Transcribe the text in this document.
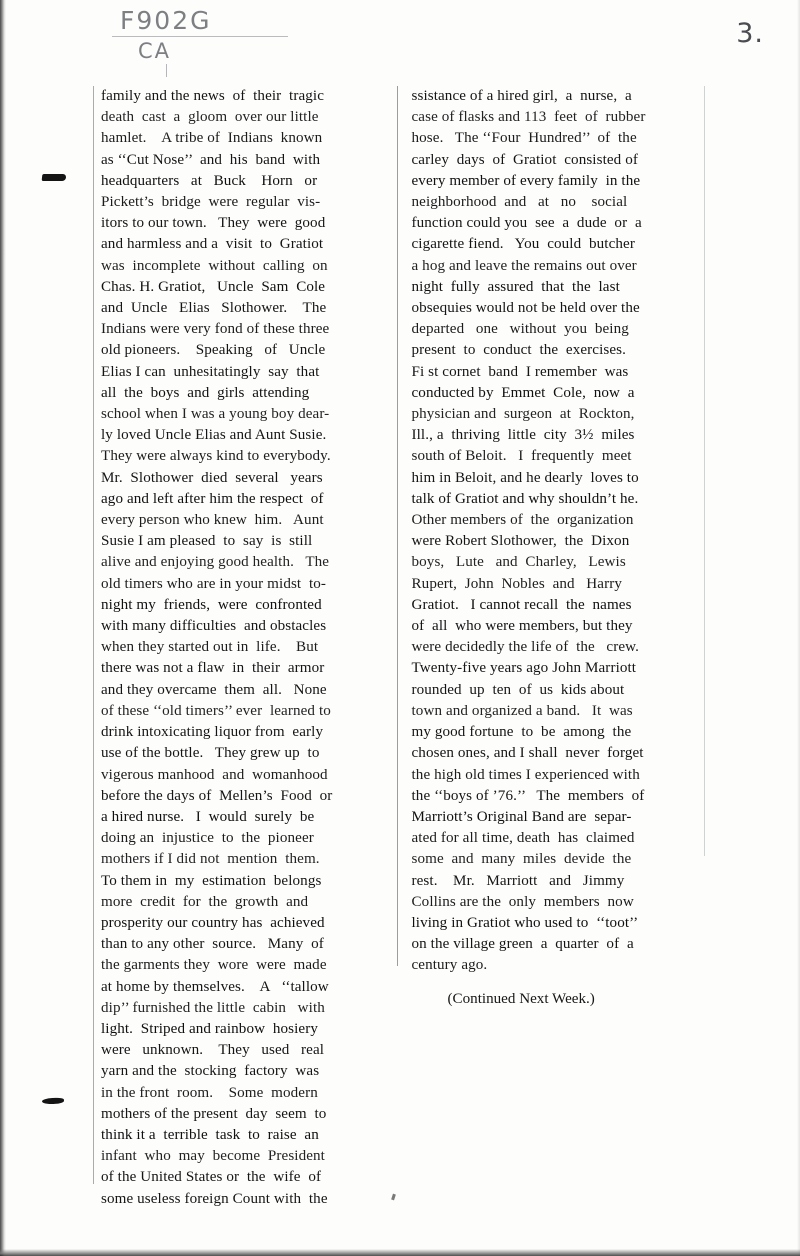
F902G
CA
3.
family and the news  of  their  tragic
death  cast  a  gloom  over our little
hamlet.    A tribe of  Indians  known
as ‘‘Cut Nose’’  and  his  band  with
headquarters   at   Buck    Horn   or
Pickett’s  bridge  were  regular  vis-
itors to our town.   They  were  good
and harmless and a  visit  to  Gratiot
was  incomplete  without  calling  on
Chas. H. Gratiot,   Uncle  Sam  Cole
and  Uncle   Elias   Slothower.    The
Indians were very fond of these three
old pioneers.    Speaking   of   Uncle
Elias I can  unhesitatingly  say  that
all  the  boys  and  girls  attending
school when I was a young boy dear-
ly loved Uncle Elias and Aunt Susie.
They were always kind to everybody.
Mr.  Slothower  died  several   years
ago and left after him the respect  of
every person who knew  him.   Aunt
Susie I am pleased  to  say  is  still
alive and enjoying good health.   The
old timers who are in your midst  to-
night my  friends,  were  confronted
with many difficulties  and obstacles
when they started out in  life.    But
there was not a flaw  in  their  armor
and they overcame  them  all.   None
of these ‘‘old timers’’ ever  learned to
drink intoxicating liquor from  early
use of the bottle.   They grew up  to
vigerous manhood  and  womanhood
before the days of  Mellen’s  Food  or
a hired nurse.   I  would  surely  be
doing an  injustice  to  the  pioneer
mothers if I did not  mention  them.
To them in  my  estimation  belongs
more  credit  for  the  growth  and
prosperity our country has  achieved
than to any other  source.   Many  of
the garments they  wore  were  made
at home by themselves.    A   ‘‘tallow
dip’’ furnished the little  cabin   with
light.  Striped and rainbow  hosiery
were   unknown.    They   used   real
yarn and the  stocking  factory  was
in the front  room.    Some  modern
mothers of the present  day  seem  to
think it a  terrible  task  to  raise  an
infant  who  may  become  President
of the United States or  the  wife  of
some useless foreign Count with  the
ssistance of a hired girl,  a  nurse,  a
case of flasks and 113  feet  of  rubber
hose.   The ‘‘Four  Hundred’’  of  the
carley  days  of  Gratiot  consisted of
every member of every family  in the
neighborhood  and   at   no    social
function could you  see  a  dude  or  a
cigarette fiend.   You  could  butcher
a hog and leave the remains out over
night  fully  assured  that  the  last
obsequies would not be held over the
departed   one   without  you  being
present  to  conduct  the  exercises.
Fi st cornet  band  I remember  was
conducted by  Emmet  Cole,  now  a
physician and  surgeon  at  Rockton,
Ill., a  thriving  little  city  3½  miles
south of Beloit.   I  frequently  meet
him in Beloit, and he dearly  loves to
talk of Gratiot and why shouldn’t he.
Other members of  the  organization
were Robert Slothower,  the  Dixon
boys,   Lute   and  Charley,   Lewis
Rupert,  John  Nobles  and   Harry
Gratiot.   I cannot recall  the  names
of  all  who were members, but they
were decidedly the life of  the   crew.
Twenty-five years ago John Marriott
rounded  up  ten  of  us  kids about
town and organized a band.   It  was
my good fortune  to  be  among  the
chosen ones, and I shall  never  forget
the high old times I experienced with
the ‘‘boys of ’76.’’   The  members  of
Marriott’s Original Band are  separ-
ated for all time, death  has  claimed
some  and  many  miles  devide  the
rest.    Mr.   Marriott   and   Jimmy
Collins are the  only  members  now
living in Gratiot who used to  ‘‘toot’’
on the village green  a  quarter  of  a
century ago.
(Continued Next Week.)
